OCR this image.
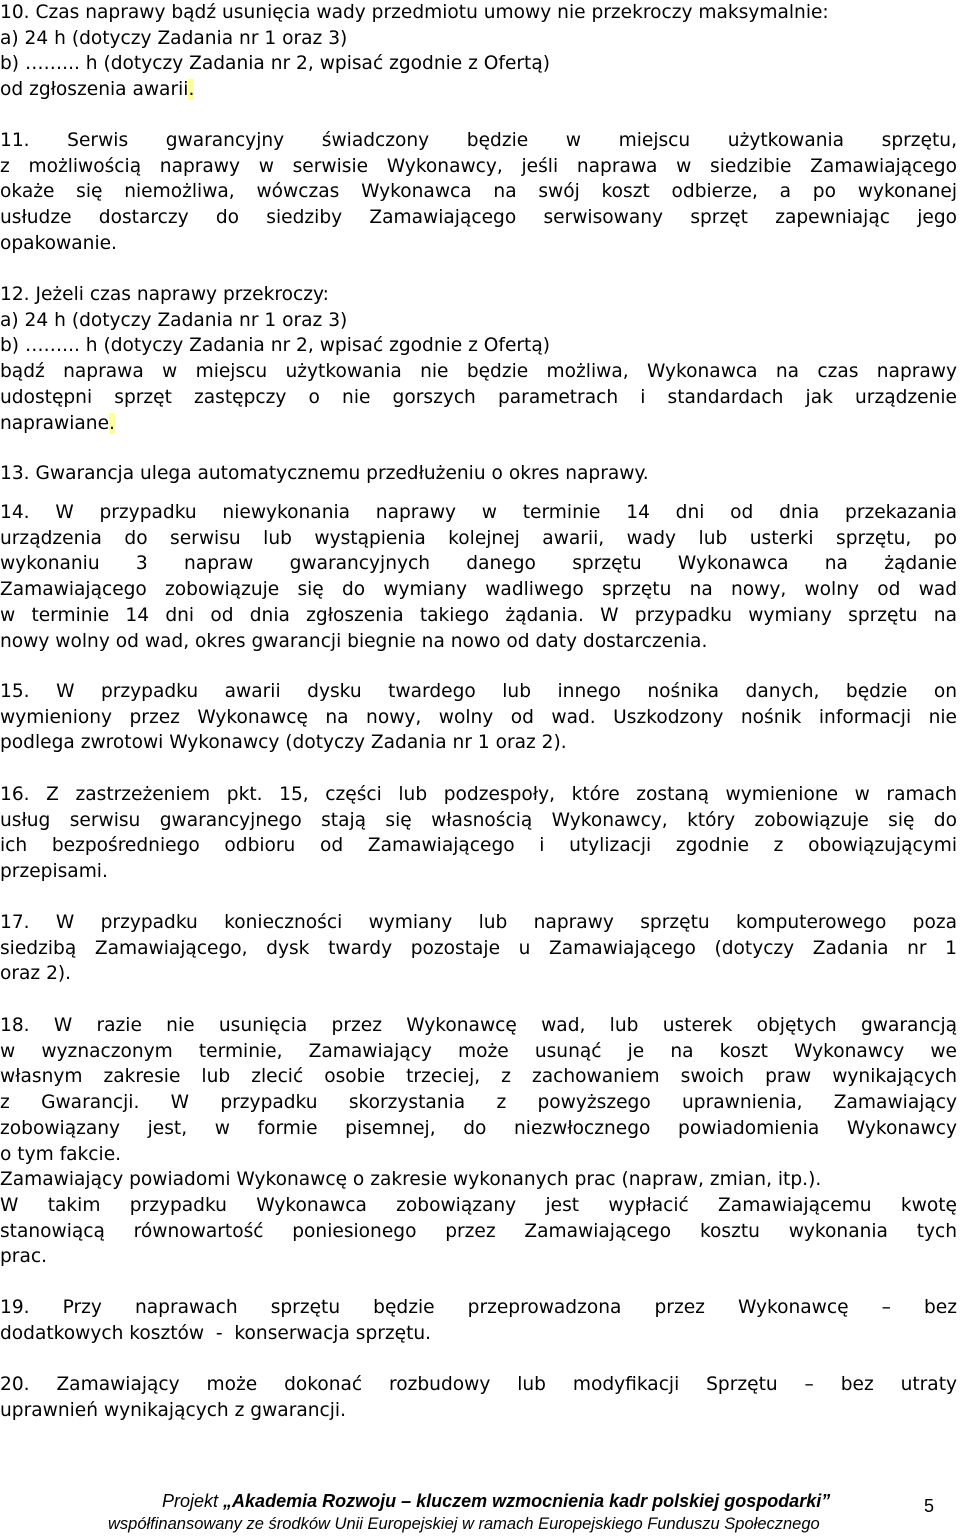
10. Czas naprawy bądź usunięcia wady przedmiotu umowy nie przekroczy maksymalnie:
a) 24 h (dotyczy Zadania nr 1 oraz 3)
b) ……... h (dotyczy Zadania nr 2, wpisać zgodnie z Ofertą)
od zgłoszenia awarii.
11. Serwis gwarancyjny świadczony będzie w miejscu użytkowania sprzętu,
z możliwością naprawy w serwisie Wykonawcy, jeśli naprawa w siedzibie Zamawiającego
okaże się niemożliwa, wówczas Wykonawca na swój koszt odbierze, a po wykonanej
usłudze dostarczy do siedziby Zamawiającego serwisowany sprzęt zapewniając jego
opakowanie.
12. Jeżeli czas naprawy przekroczy:
a) 24 h (dotyczy Zadania nr 1 oraz 3)
b) ……... h (dotyczy Zadania nr 2, wpisać zgodnie z Ofertą)
bądź naprawa w miejscu użytkowania nie będzie możliwa, Wykonawca na czas naprawy
udostępni sprzęt zastępczy o nie gorszych parametrach i standardach jak urządzenie
naprawiane.
13. Gwarancja ulega automatycznemu przedłużeniu o okres naprawy.
14. W przypadku niewykonania naprawy w terminie 14 dni od dnia przekazania
urządzenia do serwisu lub wystąpienia kolejnej awarii, wady lub usterki sprzętu, po
wykonaniu 3 napraw gwarancyjnych danego sprzętu Wykonawca na żądanie
Zamawiającego zobowiązuje się do wymiany wadliwego sprzętu na nowy, wolny od wad
w terminie 14 dni od dnia zgłoszenia takiego żądania. W przypadku wymiany sprzętu na
nowy wolny od wad, okres gwarancji biegnie na nowo od daty dostarczenia.
15. W przypadku awarii dysku twardego lub innego nośnika danych, będzie on
wymieniony przez Wykonawcę na nowy, wolny od wad. Uszkodzony nośnik informacji nie
podlega zwrotowi Wykonawcy (dotyczy Zadania nr 1 oraz 2).
16. Z zastrzeżeniem pkt. 15, części lub podzespoły, które zostaną wymienione w ramach
usług serwisu gwarancyjnego stają się własnością Wykonawcy, który zobowiązuje się do
ich bezpośredniego odbioru od Zamawiającego i utylizacji zgodnie z obowiązującymi
przepisami.
17. W przypadku konieczności wymiany lub naprawy sprzętu komputerowego poza
siedzibą Zamawiającego, dysk twardy pozostaje u Zamawiającego (dotyczy Zadania nr 1
oraz 2).
18. W razie nie usunięcia przez Wykonawcę wad, lub usterek objętych gwarancją
w wyznaczonym terminie, Zamawiający może usunąć je na koszt Wykonawcy we
własnym zakresie lub zlecić osobie trzeciej, z zachowaniem swoich praw wynikających
z Gwarancji. W przypadku skorzystania z powyższego uprawnienia, Zamawiający
zobowiązany jest, w formie pisemnej, do niezwłocznego powiadomienia Wykonawcy
o tym fakcie.
Zamawiający powiadomi Wykonawcę o zakresie wykonanych prac (napraw, zmian, itp.).
W takim przypadku Wykonawca zobowiązany jest wypłacić Zamawiającemu kwotę
stanowiącą równowartość poniesionego przez Zamawiającego kosztu wykonania tych
prac.
19. Przy naprawach sprzętu będzie przeprowadzona przez Wykonawcę – bez
dodatkowych kosztów  -  konserwacja sprzętu.
20. Zamawiający może dokonać rozbudowy lub modyfikacji Sprzętu – bez utraty
uprawnień wynikających z gwarancji.
Projekt „Akademia Rozwoju – kluczem wzmocnienia kadr polskiej gospodarki”
współfinansowany ze środków Unii Europejskiej w ramach Europejskiego Funduszu Społecznego
5
